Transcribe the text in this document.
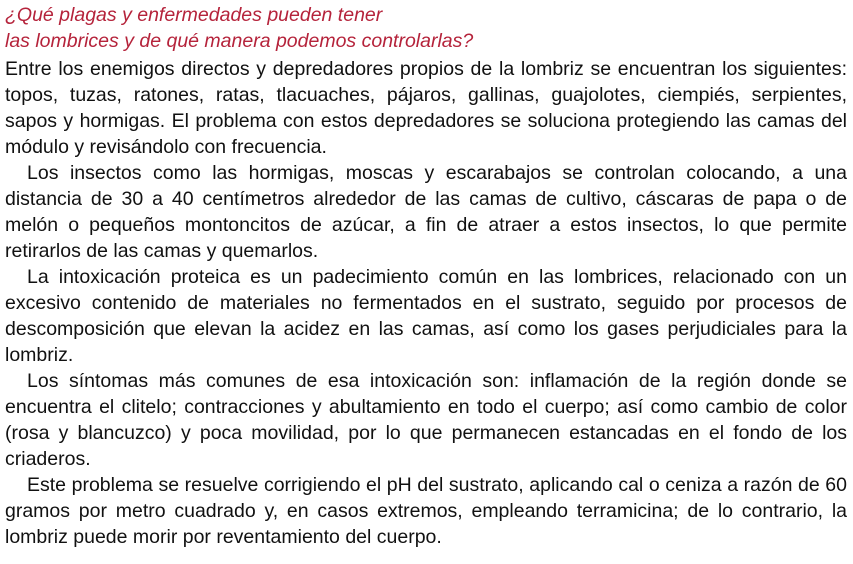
¿Qué plagas y enfermedades pueden tener
las lombrices y de qué manera podemos controlarlas?

Entre los enemigos directos y depredadores propios de la lombriz se encuentran los siguientes: topos, tuzas, ratones, ratas, tlacuaches, pájaros, gallinas, guajolotes, ciempiés, serpientes, sapos y hormigas. El problema con estos depredadores se soluciona protegiendo las camas del módulo y revisándolo con frecuencia.

Los insectos como las hormigas, moscas y escarabajos se controlan colocando, a una distancia de 30 a 40 centímetros alrededor de las camas de cultivo, cáscaras de papa o de melón o pequeños montoncitos de azúcar, a fin de atraer a estos insectos, lo que permite retirarlos de las camas y quemarlos.

La intoxicación proteica es un padecimiento común en las lombrices, relacionado con un excesivo contenido de materiales no fermentados en el sustrato, seguido por procesos de descomposición que elevan la acidez en las camas, así como los gases perjudiciales para la lombriz.

Los síntomas más comunes de esa intoxicación son: inflamación de la región donde se encuentra el clitelo; contracciones y abultamiento en todo el cuerpo; así como cambio de color (rosa y blancuzco) y poca movilidad, por lo que permanecen estancadas en el fondo de los criaderos.

Este problema se resuelve corrigiendo el pH del sustrato, aplicando cal o ceniza a razón de 60 gramos por metro cuadrado y, en casos extremos, empleando terramicina; de lo contrario, la lombriz puede morir por reventamiento del cuerpo.
